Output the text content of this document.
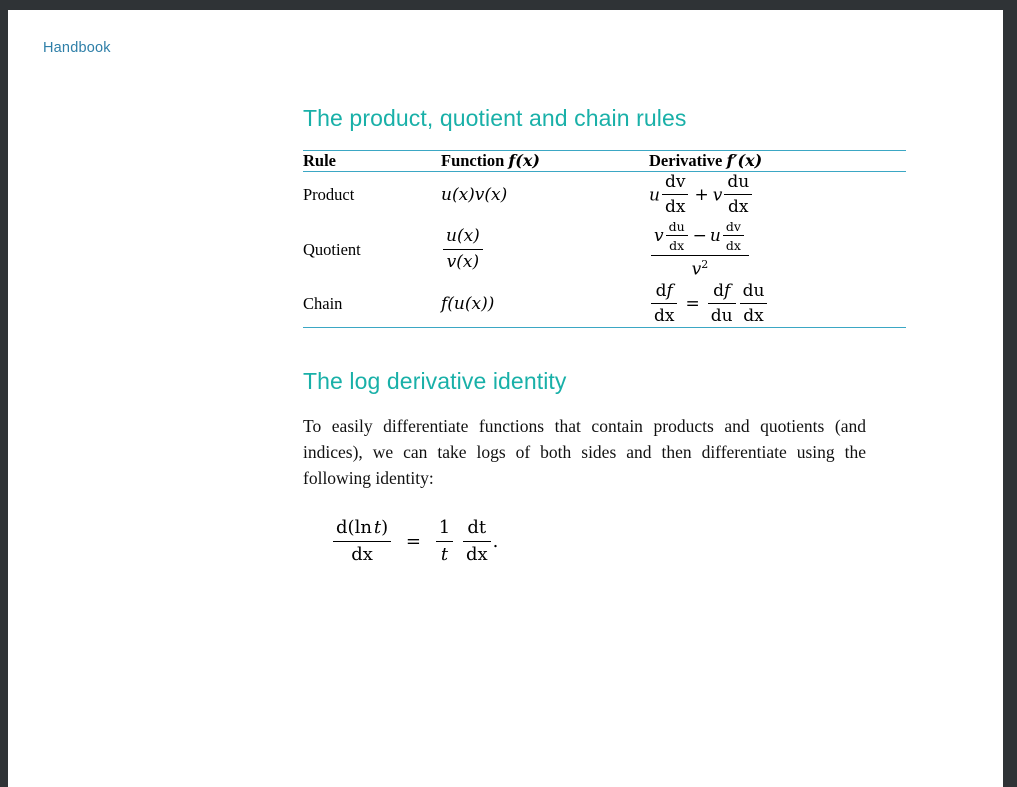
Handbook
The product, quotient and chain rules
Rule	Function f(x)	Derivative f′(x)
Product	u(x)v(x)	u $\frac{dv}{dx} + v \frac{du}{dx}$

Quotient	$\frac{u(x)}{v(x)}$	$\frac{v \frac{du}{dx} - u \frac{dv}{dx}}{v^2}$

Chain	f(u(x))	$\frac{df}{dx} = \frac{df}{du} \frac{du}{dx}$

The log derivative identity

To easily differentiate functions that contain products and quotients (and indices), we can take logs of both sides and then differentiate using the following identity:

$\frac{\text{d(ln t)}}{dx} = \frac{1}{t}$
$\frac{dt}{dx}$ .
